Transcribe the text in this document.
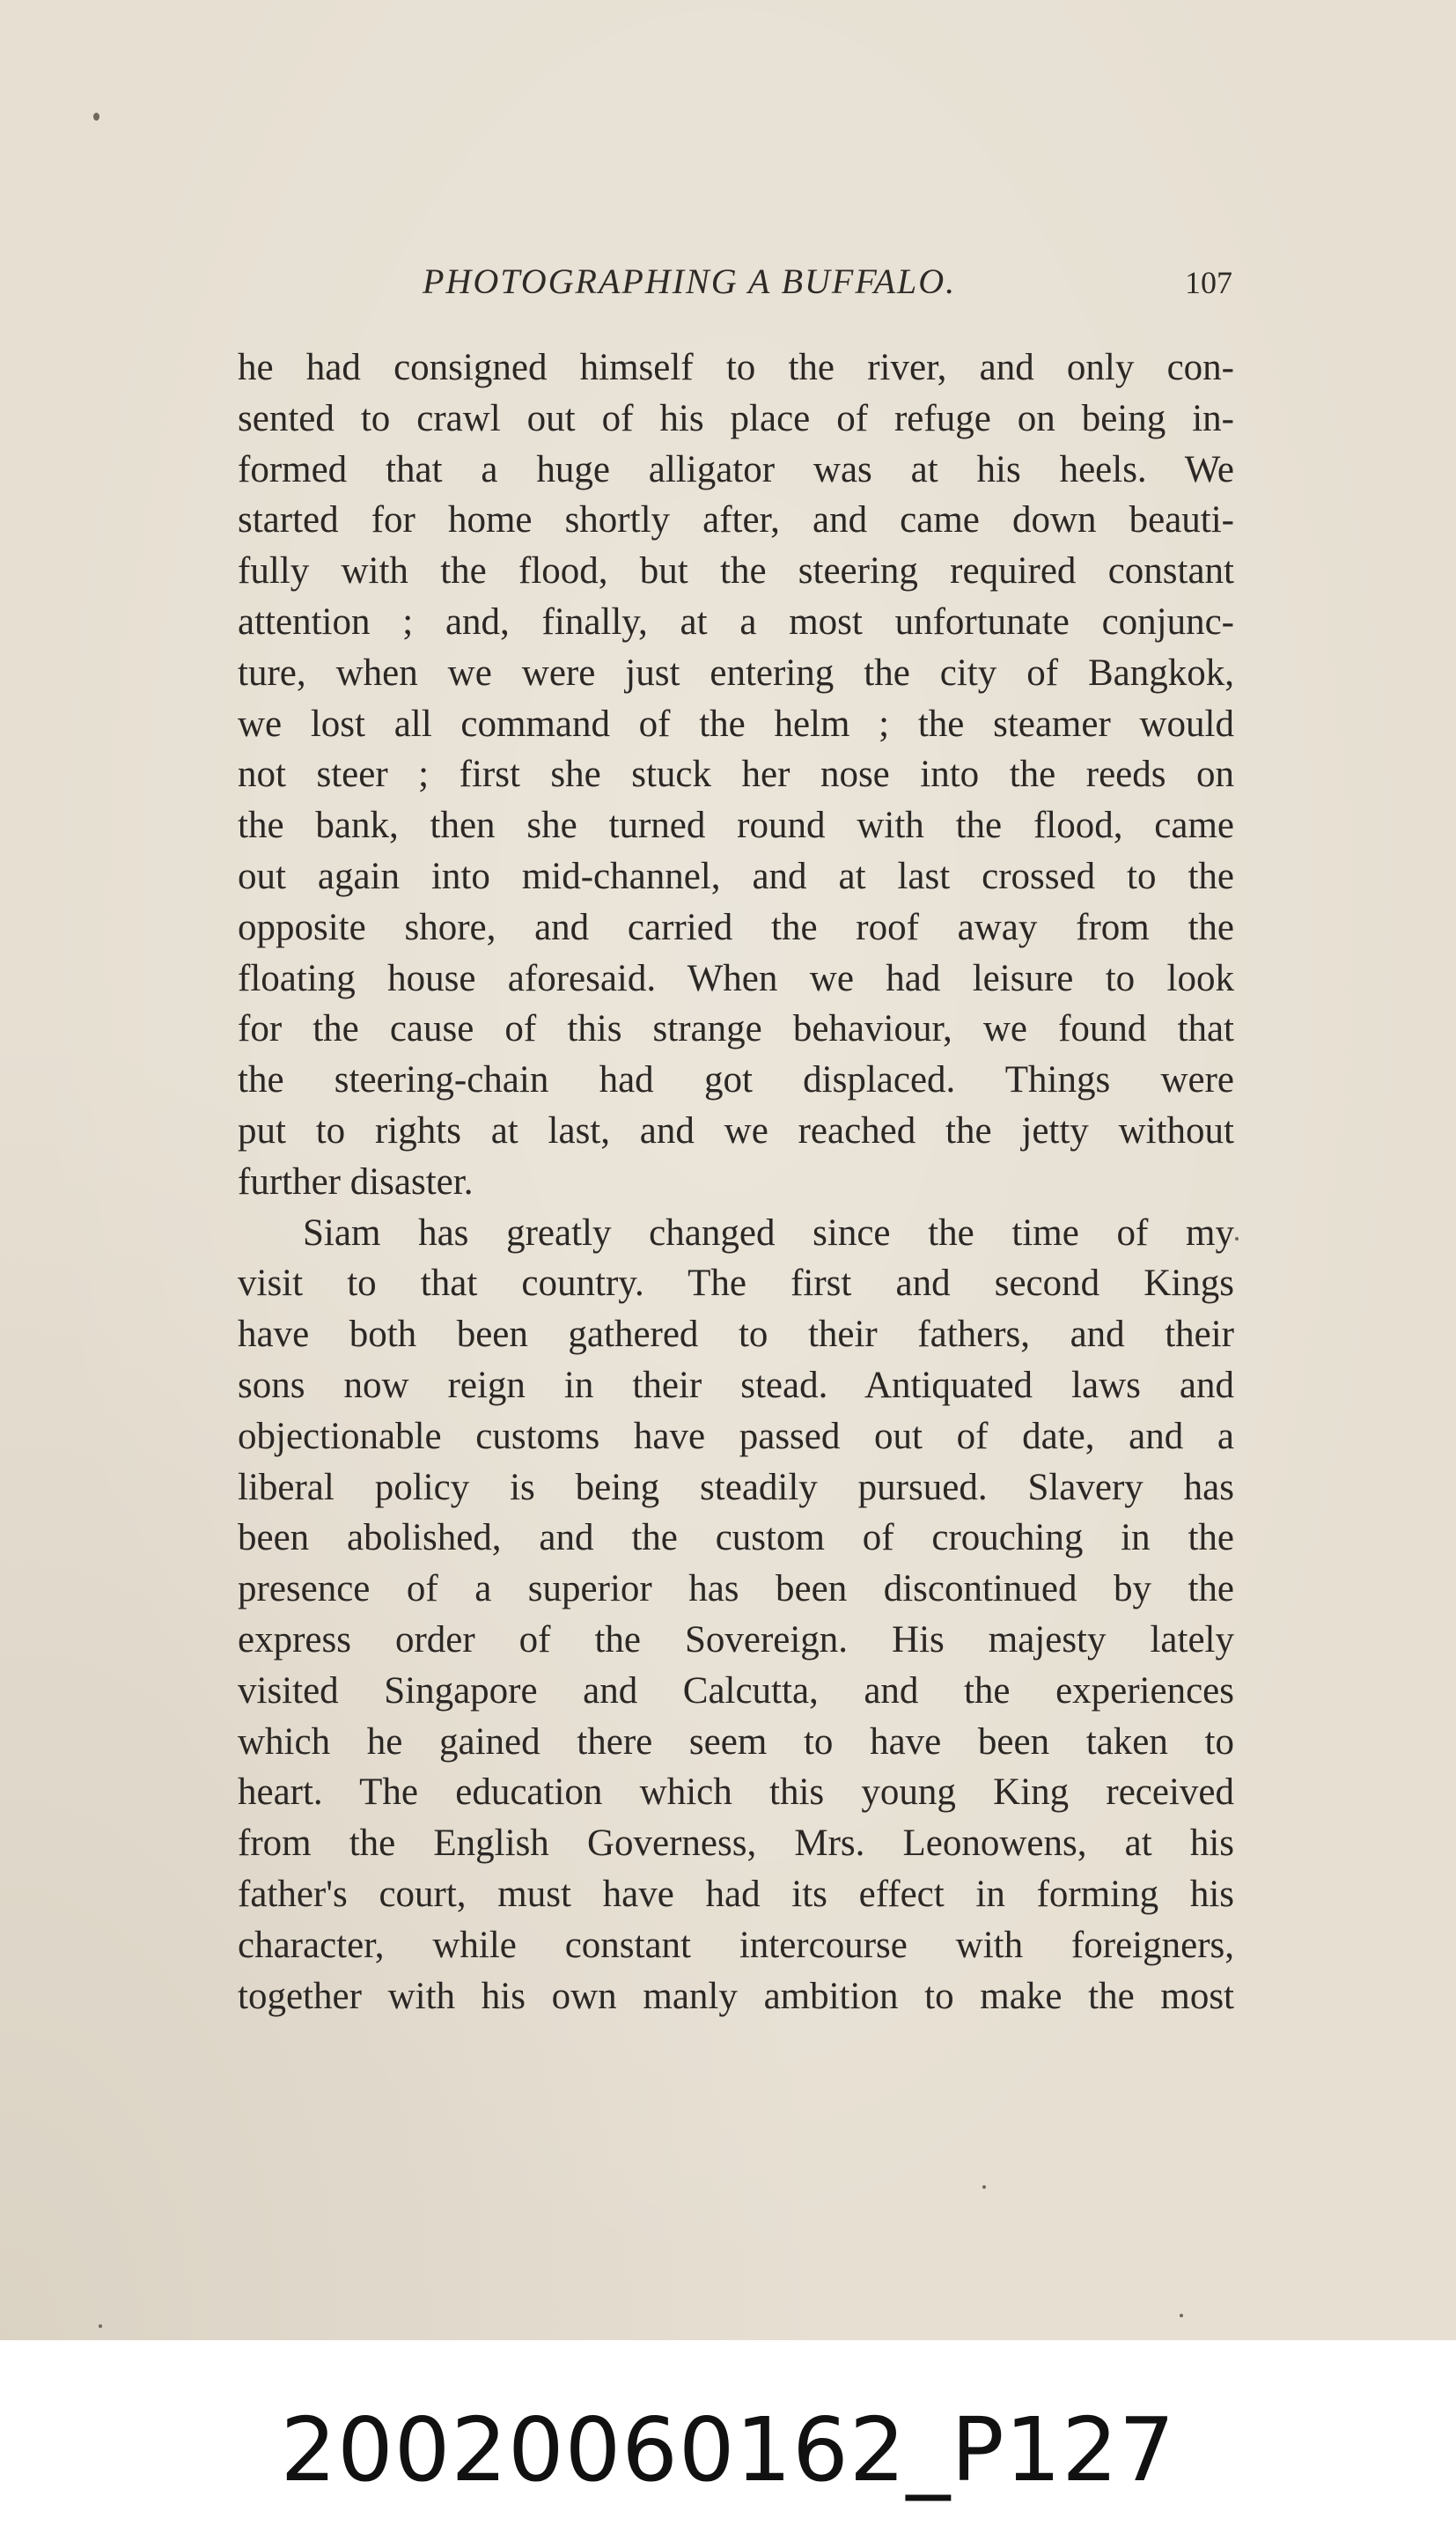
PHOTOGRAPHING A BUFFALO.	107

he had consigned himself to the river, and only con-
sented to crawl out of his place of refuge on being in-
formed that a huge alligator was at his heels. We
started for home shortly after, and came down beauti-
fully with the flood, but the steering required constant
attention ; and, finally, at a most unfortunate conjunc-
ture, when we were just entering the city of Bangkok,
we lost all command of the helm ; the steamer would
not steer ; first she stuck her nose into the reeds on
the bank, then she turned round with the flood, came
out again into mid-channel, and at last crossed to the
opposite shore, and carried the roof away from the
floating house aforesaid. When we had leisure to look
for the cause of this strange behaviour, we found that
the steering-chain had got displaced. Things were
put to rights at last, and we reached the jetty without
further disaster.
Siam has greatly changed since the time of my
visit to that country. The first and second Kings
have both been gathered to their fathers, and their
sons now reign in their stead. Antiquated laws and
objectionable customs have passed out of date, and a
liberal policy is being steadily pursued. Slavery has
been abolished, and the custom of crouching in the
presence of a superior has been discontinued by the
express order of the Sovereign. His majesty lately
visited Singapore and Calcutta, and the experiences
which he gained there seem to have been taken to
heart. The education which this young King received
from the English Governess, Mrs. Leonowens, at his
father's court, must have had its effect in forming his
character, while constant intercourse with foreigners,
together with his own manly ambition to make the most

20020060162_P127
